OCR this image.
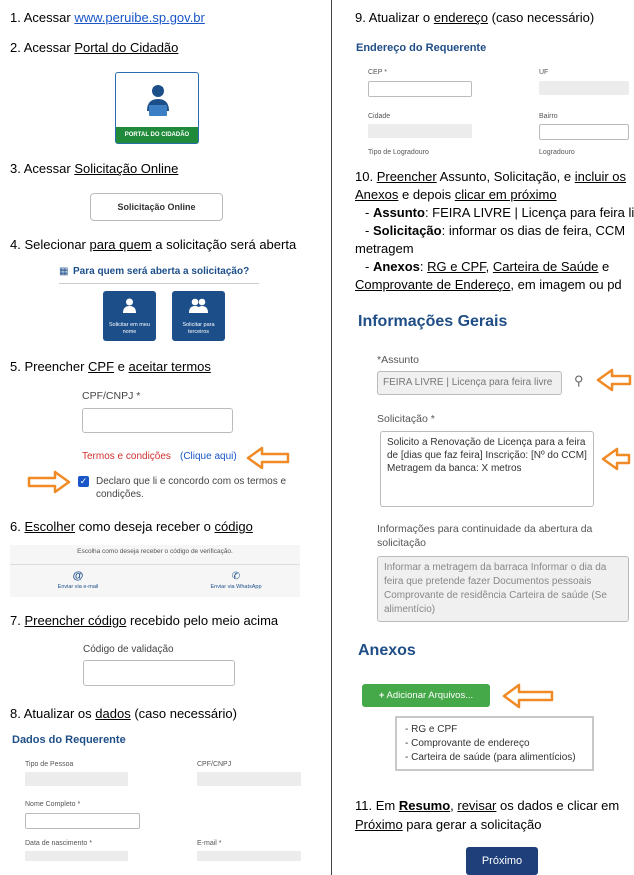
1. Acessar www.peruibe.sp.gov.br
2. Acessar Portal do Cidadão
PORTAL DO CIDADÃO
3. Acessar Solicitação Online
Solicitação Online
4. Selecionar para quem a solicitação será aberta
▦ Para quem será aberta a solicitação?
Solicitar em meu nome
Solicitar para terceiros
5. Preencher CPF e aceitar termos
CPF/CNPJ *
Termos e condições (Clique aqui)
✓ Declaro que li e concordo com os termos e condições.
6. Escolher como deseja receber o código
Escolha como deseja receber o código de verificação.
@
Enviar via e-mail
✆
Enviar via WhatsApp
7. Preencher código recebido pelo meio acima
Código de validação
8. Atualizar os dados (caso necessário)
Dados do Requerente
Tipo de Pessoa	CPF/CNPJ
Nome Completo *
Data de nascimento *	E-mail *
9. Atualizar o endereço (caso necessário)
Endereço do Requerente
CEP *	UF
Cidade	Bairro
Tipo de Logradouro	Logradouro
10. Preencher Assunto, Solicitação, e incluir os
Anexos e depois clicar em próximo
- Assunto: FEIRA LIVRE | Licença para feira li
- Solicitação: informar os dias de feira, CCM
metragem
- Anexos: RG e CPF, Carteira de Saúde e
Comprovante de Endereço, em imagem ou pd
Informações Gerais
*Assunto
FEIRA LIVRE | Licença para feira livre	⚲
Solicitação *
Solicito a Renovação de Licença para a feira de [dias que faz feira] Inscrição: [Nº do CCM] Metragem da banca: X metros
Informações para continuidade da abertura da solicitação
Informar a metragem da barraca Informar o dia da feira que pretende fazer Documentos pessoais Comprovante de residência Carteira de saúde (Se alimentício)
Anexos
+ Adicionar Arquivos...
- RG e CPF
- Comprovante de endereço
- Carteira de saúde (para alimentícios)
11. Em Resumo, revisar os dados e clicar em
Próximo para gerar a solicitação
Próximo
